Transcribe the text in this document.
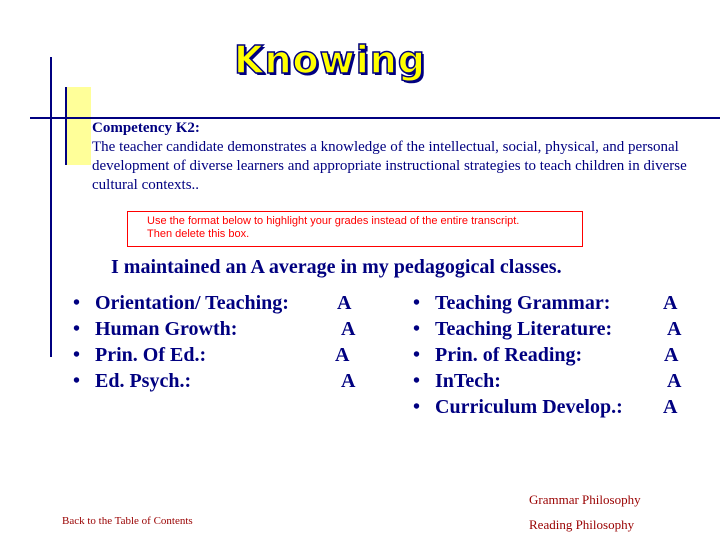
Knowing
Competency K2:
The teacher candidate demonstrates a knowledge of the intellectual, social, physical, and personal development of diverse learners and appropriate instructional strategies to teach children in diverse cultural contexts..
Use the format below to highlight your grades instead of the entire transcript.
Then delete this box.
I maintained an A average in my pedagogical classes.
• Orientation/ Teaching: A
• Human Growth:	A
• Prin. Of Ed.:	A
• Ed. Psych.:	A
• Teaching Grammar:	A
• Teaching Literature:	A
• Prin. of Reading:	A
• InTech:	A
• Curriculum Develop.: A
Back to the Table of Contents
Grammar Philosophy
Reading Philosophy
